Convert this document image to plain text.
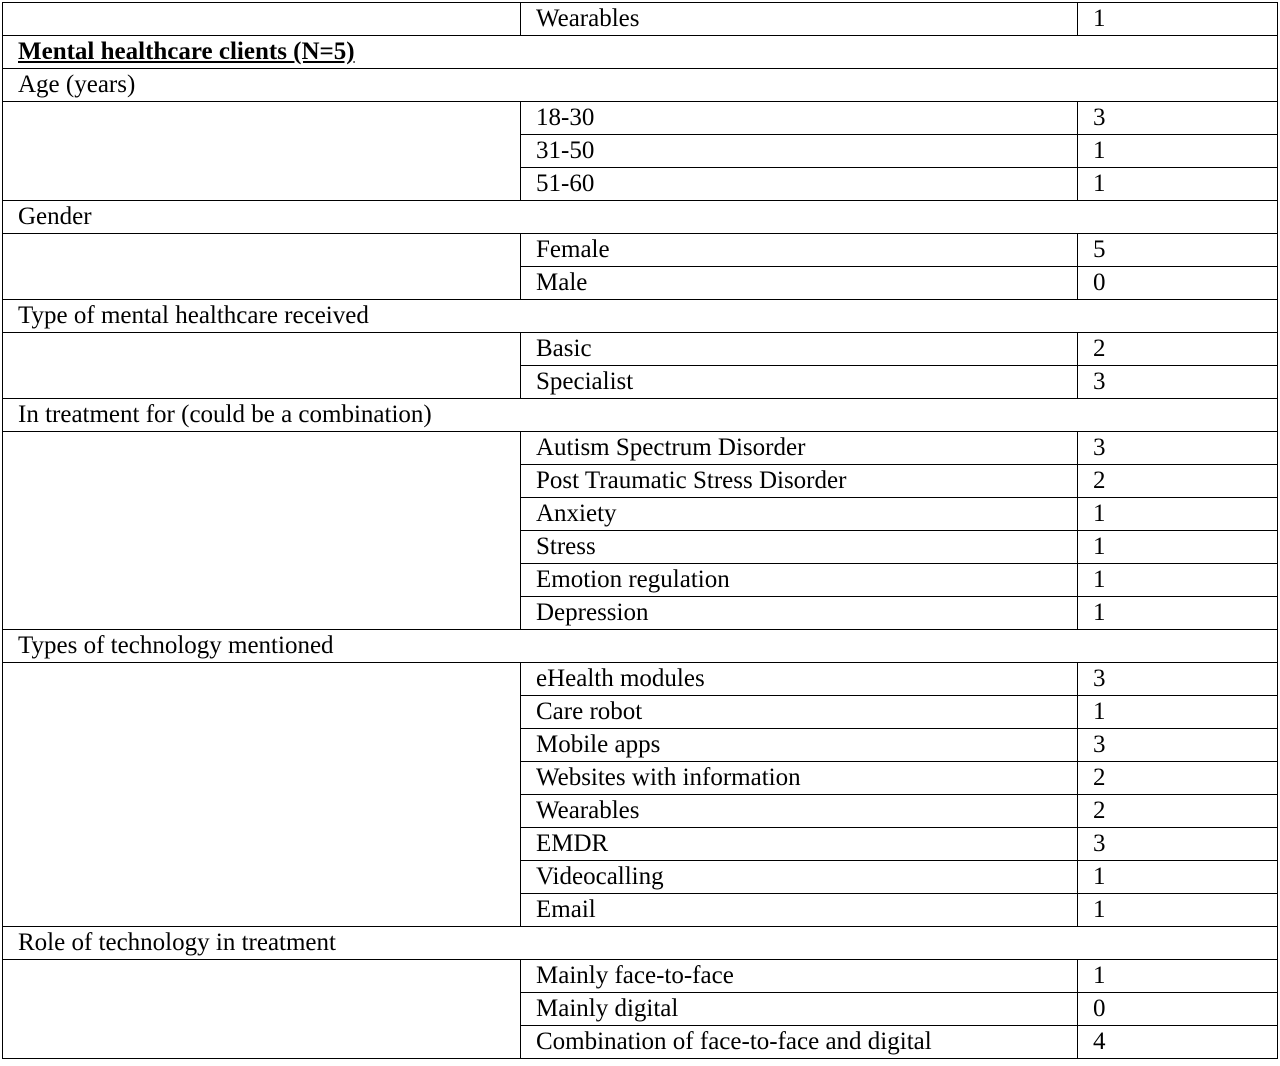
	Wearables	1
Mental healthcare clients (N=5)		
Age (years)		
	18-30	3
	31-50	1
	51-60	1
Gender		
	Female	5
	Male	0
Type of mental healthcare received		
	Basic	2
	Specialist	3
In treatment for (could be a combination)		
	Autism Spectrum Disorder	3
	Post Traumatic Stress Disorder	2
	Anxiety	1
	Stress	1
	Emotion regulation	1
	Depression	1
Types of technology mentioned		
	eHealth modules	3
	Care robot	1
	Mobile apps	3
	Websites with information	2
	Wearables	2
	EMDR	3
	Videocalling	1
	Email	1
Role of technology in treatment		
	Mainly face-to-face	1
	Mainly digital	0
	Combination of face-to-face and digital	4
